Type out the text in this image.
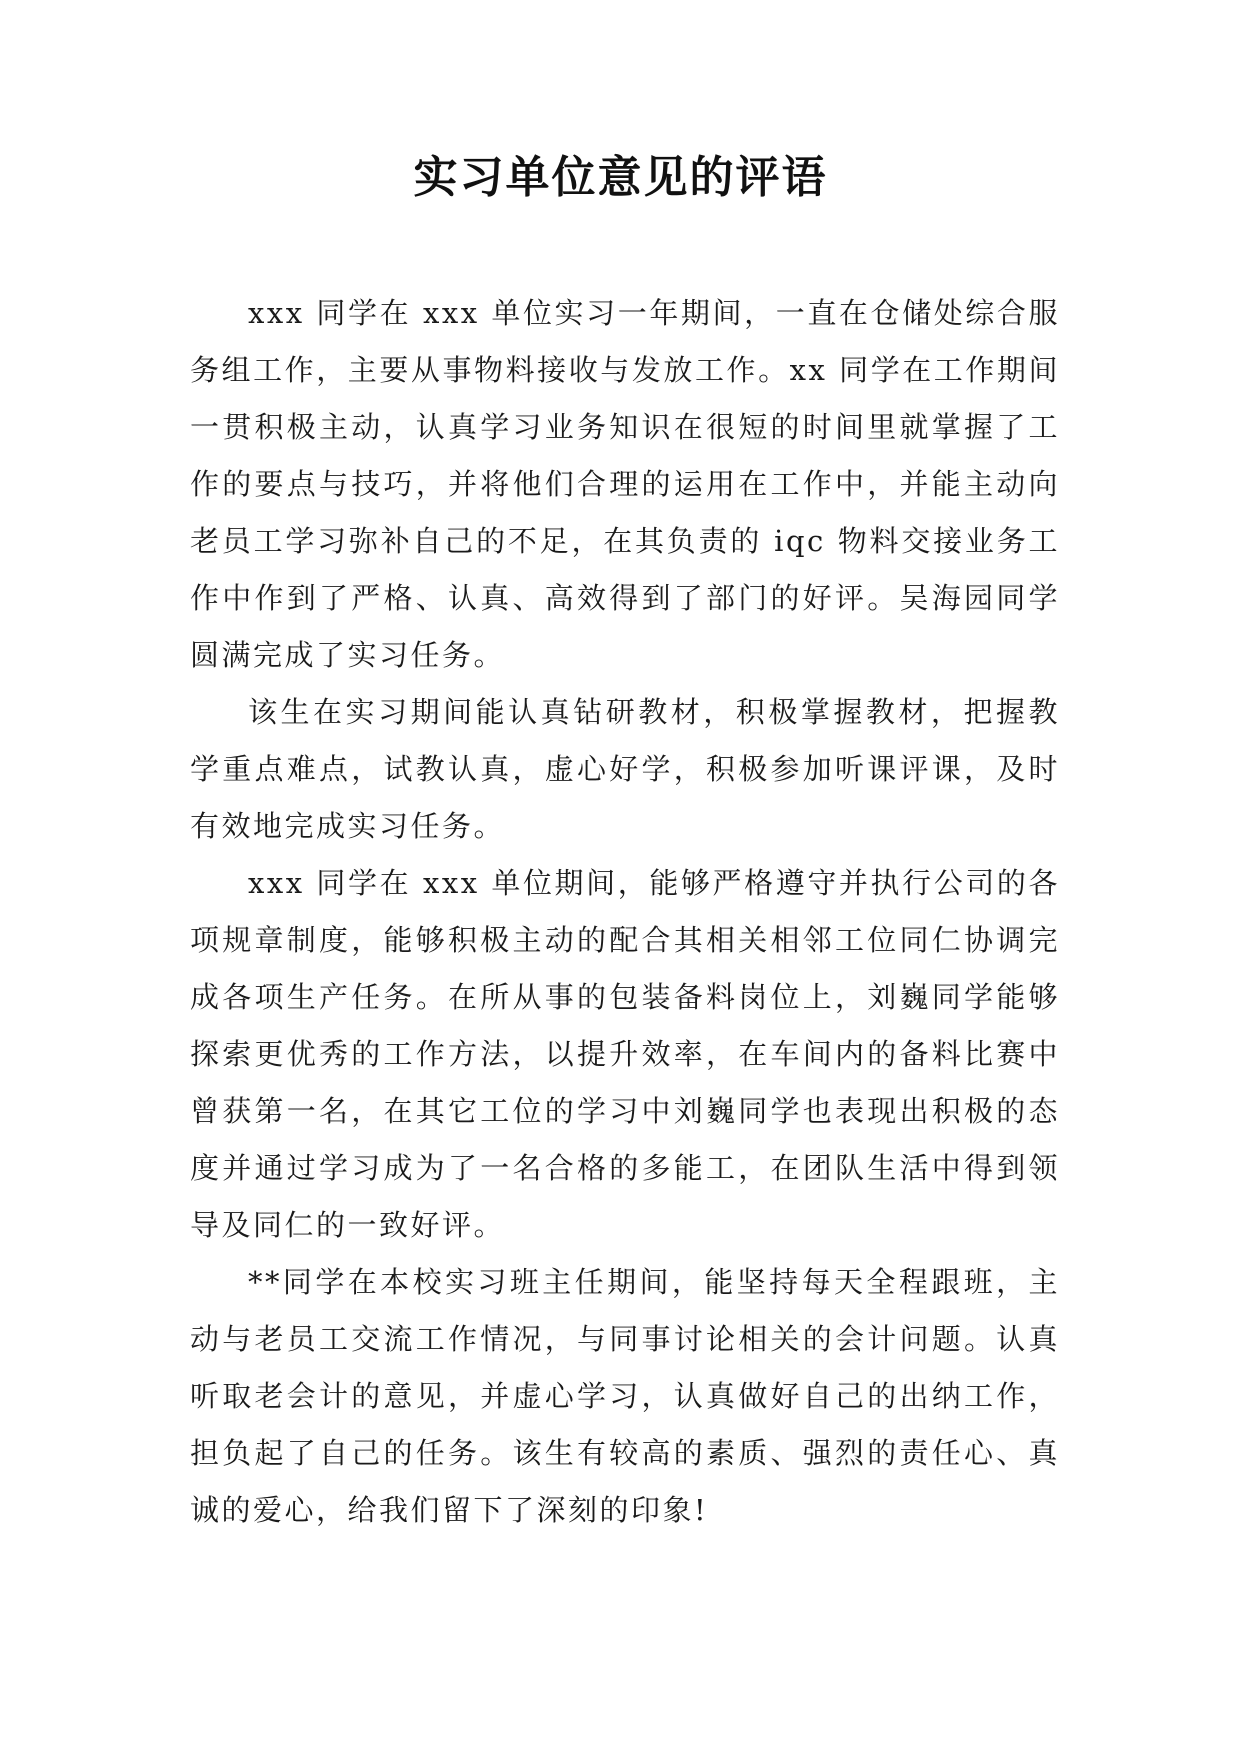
实习单位意见的评语

xxx 同学在 xxx 单位实习一年期间，一直在仓储处综合服务组工作，主要从事物料接收与发放工作。xx 同学在工作期间一贯积极主动，认真学习业务知识在很短的时间里就掌握了工作的要点与技巧，并将他们合理的运用在工作中，并能主动向老员工学习弥补自己的不足，在其负责的 iqc 物料交接业务工作中作到了严格、认真、高效得到了部门的好评。吴海园同学圆满完成了实习任务。

该生在实习期间能认真钻研教材，积极掌握教材，把握教学重点难点，试教认真，虚心好学，积极参加听课评课，及时有效地完成实习任务。

xxx 同学在 xxx 单位期间，能够严格遵守并执行公司的各项规章制度，能够积极主动的配合其相关相邻工位同仁协调完成各项生产任务。在所从事的包装备料岗位上，刘巍同学能够探索更优秀的工作方法，以提升效率，在车间内的备料比赛中曾获第一名，在其它工位的学习中刘巍同学也表现出积极的态度并通过学习成为了一名合格的多能工，在团队生活中得到领导及同仁的一致好评。

**同学在本校实习班主任期间，能坚持每天全程跟班，主动与老员工交流工作情况，与同事讨论相关的会计问题。认真听取老会计的意见，并虚心学习，认真做好自己的出纳工作，担负起了自己的任务。该生有较高的素质、强烈的责任心、真诚的爱心，给我们留下了深刻的印象!
